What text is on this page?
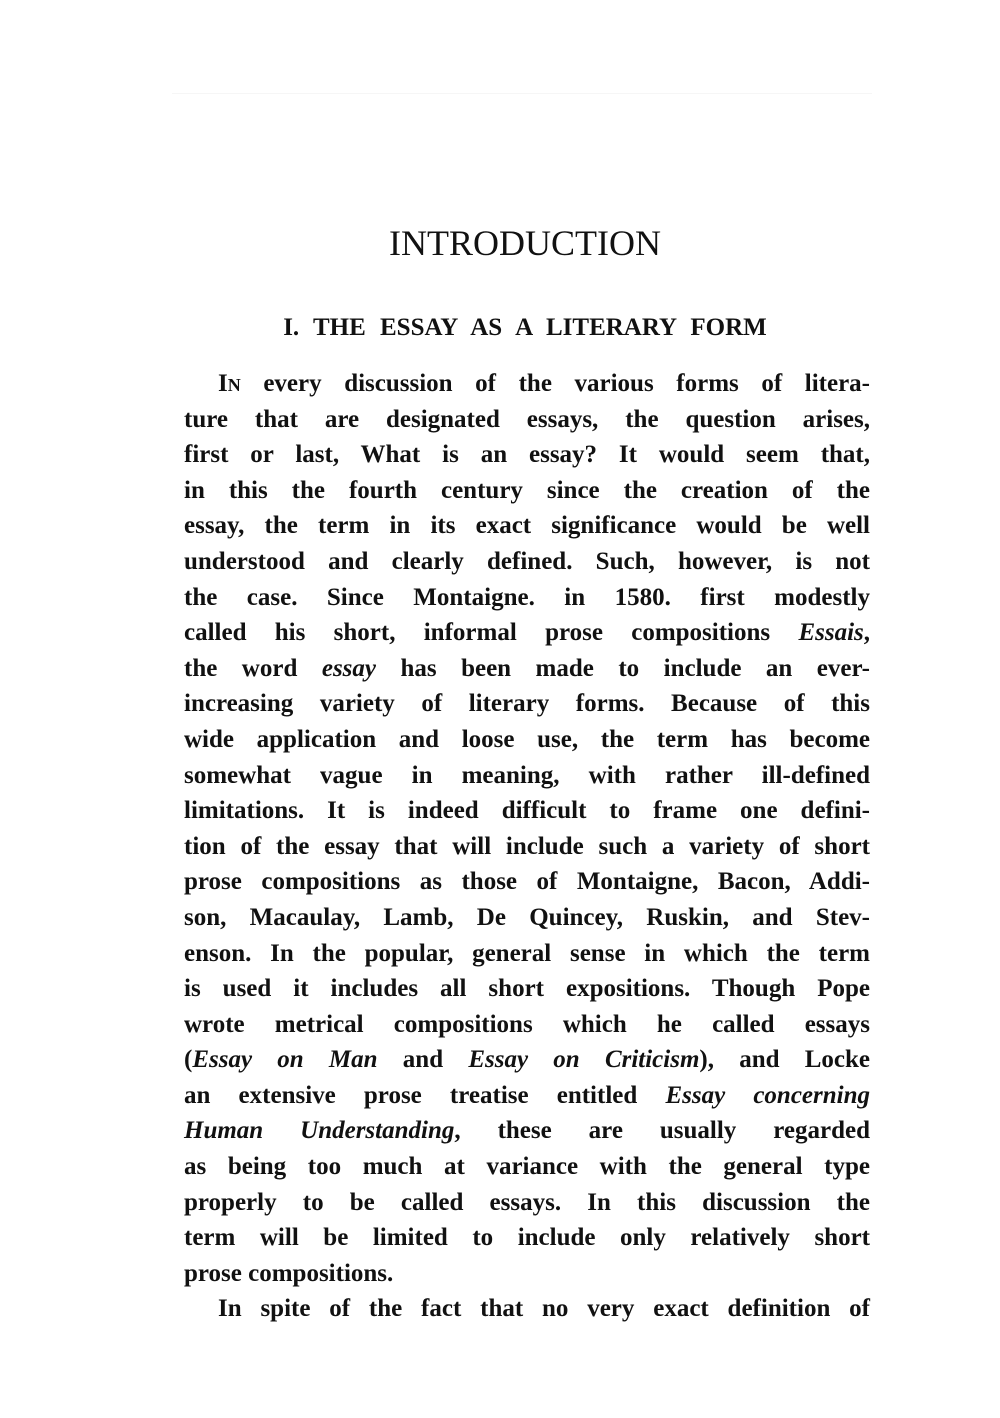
INTRODUCTION
I. THE ESSAY AS A LITERARY FORM
In every discussion of the various forms of litera-
ture that are designated essays, the question arises,
first or last, What is an essay? It would seem that,
in this the fourth century since the creation of the
essay, the term in its exact significance would be well
understood and clearly defined. Such, however, is not
the case. Since Montaigne. in 1580. first modestly
called his short, informal prose compositions Essais,
the word essay has been made to include an ever-
increasing variety of literary forms. Because of this
wide application and loose use, the term has become
somewhat vague in meaning, with rather ill-defined
limitations. It is indeed difficult to frame one defini-
tion of the essay that will include such a variety of short
prose compositions as those of Montaigne, Bacon, Addi-
son, Macaulay, Lamb, De Quincey, Ruskin, and Stev-
enson. In the popular, general sense in which the term
is used it includes all short expositions. Though Pope
wrote metrical compositions which he called essays
(Essay on Man and Essay on Criticism), and Locke
an extensive prose treatise entitled Essay concerning
Human Understanding, these are usually regarded
as being too much at variance with the general type
properly to be called essays. In this discussion the
term will be limited to include only relatively short
prose compositions.
In spite of the fact that no very exact definition of
